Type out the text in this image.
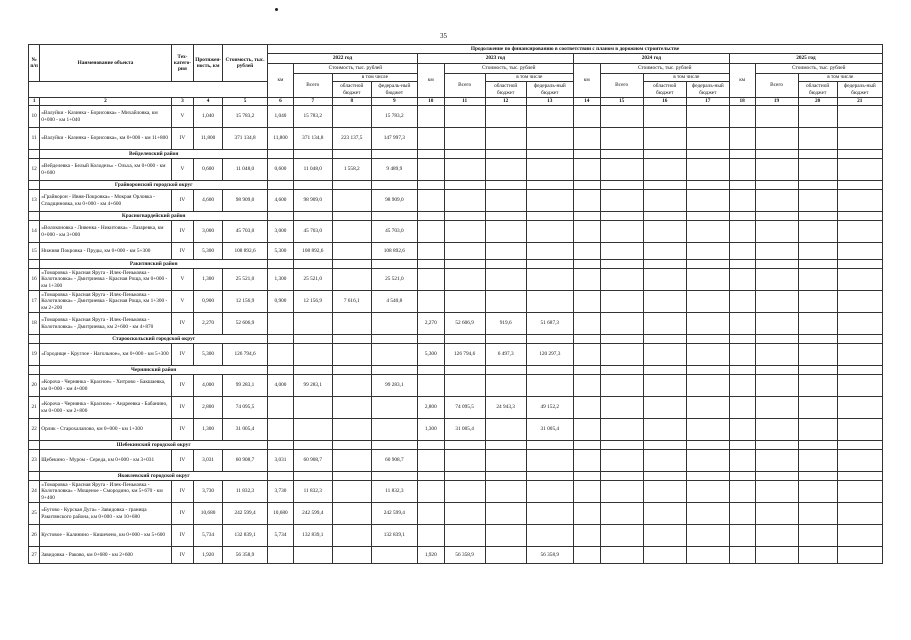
35
№ п/п	Наименование объекта	Тех-катего-рия	Протяжен-ность, км	Стоимость, тыс. рублей	Продолжение по финансированию в соответствии с планом в дорожном строительстве															
					2022 год				2023 год				2024 год				2025 год			
					км	Стоимость, тыс. рублей			км	Стоимость, тыс. рублей			км	Стоимость, тыс. рублей			км	Стоимость, тыс. рублей		
						Всего	в том числе			Всего	в том числе			Всего	в том числе			Всего	в том числе	
							областной бюджет	федераль-ный бюджет			областной бюджет	федераль-ный бюджет			областной бюджет	федераль-ный бюджет			областной бюджет	федераль-ный бюджет
1	2	3	4	5	6	7	8	9	10	11	12	13	14	15	16	17	18	19	20	21
10	«Валуйки - Казинка - Борисовка» - Михайловка, км 0+000 - км 1+040	V	1,040	15 783,2	1,040	15 783,2		15 783,2												
11	«Валуйки - Казинка - Борисовка», км 0+000 - км 11+800	IV	11,800	371 134,8	11,800	371 134,8	223 137,5	147 997,3												
	Вейделевский район																			
12	«Вейделевка - Белый Колодезь» - Ольха, км 0+000 - км 0+600	V	0,600	11 048,0	0,600	11 048,0	1 558,2	9 489,9												
	Грайворонский городской округ																			
13	«Грайворон - Ивня-Покровка» - Мокрая Орловка - Спадщиновка, км 0+000 - км 4+600	IV	4,600	98 909,0	4,600	98 909,0		98 909,0												
	Красногвардейский район																			
14	«Волоконовка - Ливенка - Никитовка» - Лазаревка, км 0+000 - км 3+000	IV	3,000	45 703,0	3,000	45 703,0		45 703,0												
15	Нижняя Покровка - Пруды, км 0+000 - км 5+300	IV	5,300	108 892,6	5,300	108 892,6		108 892,6												
	Ракитянский район																			
16	«Томаровка - Красная Яруга - Илек-Пеньковка - Колотиловка» - Дмитриевка - Красная Роща, км 0+000 - км 1+300	V	1,300	25 521,0	1,300	25 521,0		25 521,0												
17	«Томаровка - Красная Яруга - Илек-Пеньковка - Колотиловка» - Дмитриевка - Красная Роща, км 1+300 - км 2+200	V	0,900	12 156,9	0,900	12 156,9	7 616,1	4 540,8												
18	«Томаровка - Красная Яруга - Илек-Пеньковка - Колотиловка» - Дмитриевка, км 2+600 - км 4+870	IV	2,270	52 606,9					2,270	52 606,9	919,6	51 687,3								
	Старооскольский городской округ																			
19	«Городище - Круглое - Нагольное», км 0+000 - км 5+300	IV	5,300	126 794,6					5,300	126 794,6	6 497,3	120 297,3								
	Чернянский район																			
20	«Короча - Чернянка - Красное» - Хитрово - Бакшаевка, км 0+000 - км 4+000	IV	4,000	99 283,1	4,000	99 283,1		99 283,1												
21	«Короча - Чернянка - Красное» - Андреевка - Бабанино, км 0+000 - км 2+800	IV	2,800	74 095,5					2,800	74 095,5	24 943,3	49 152,2								
22	Орлик - Старохалапово, км 0+000 - км 1+300	IV	1,300	31 005,4					1,300	31 005,4		31 005,4								
	Шебекинский городской округ																			
23	Щебекино - Муром - Середа, км 0+000 - км 3+031	IV	3,031	60 908,7	3,031	60 908,7		60 908,7												
	Яковлевский городской округ																			
24	«Томаровка - Красная Яруга - Илек-Пеньковка - Колотиловка» - Мощеное - Смородино, км 5+670 - км 9+400	IV	3,730	11 832,3	3,730	11 832,3		11 832,3												
25	«Бутово - Курская Дуга» - Завидовка - граница Ракитянского района, км 0+000 - км 10+680	IV	10,680	242 599,4	10,680	242 599,4		242 599,4												
26	Кустовое - Калинино - Кишечено, км 0+000 - км 5+600	IV	5,734	132 839,1	5,734	132 839,1		132 839,1												
27	Завидовка - Раково, км 0+680 - км 2+600	IV	1,920	56 358,9					1,920	56 358,9		56 358,9								
